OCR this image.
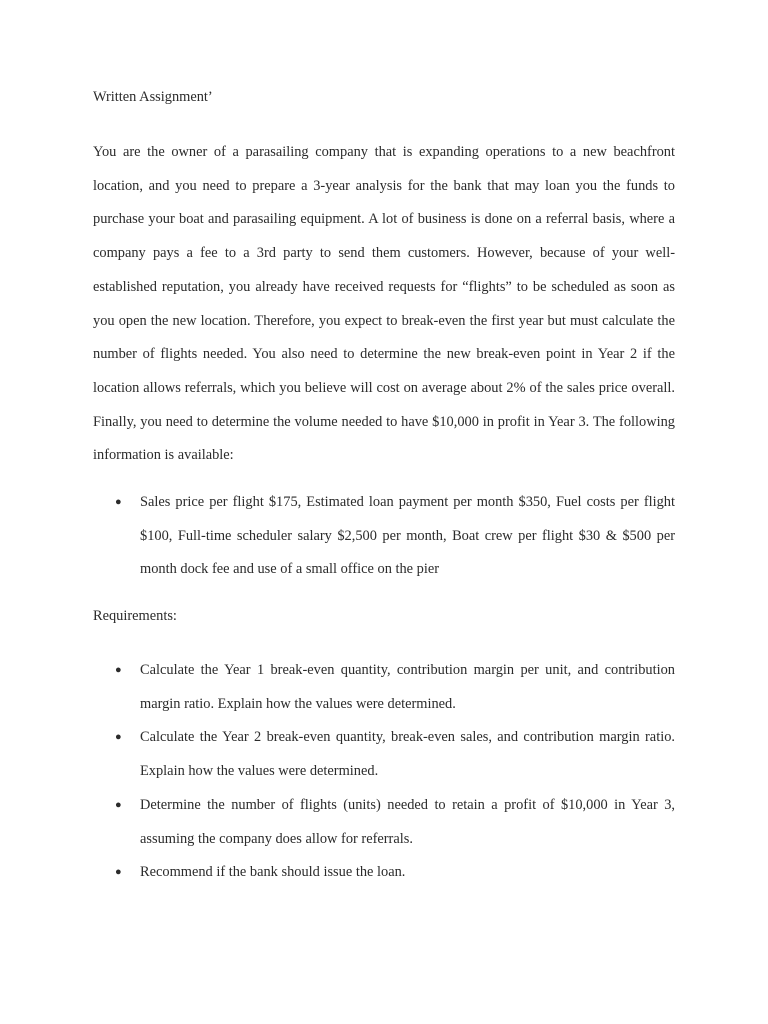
Written Assignment’

You are the owner of a parasailing company that is expanding operations to a new beachfront location, and you need to prepare a 3-year analysis for the bank that may loan you the funds to purchase your boat and parasailing equipment. A lot of business is done on a referral basis, where a company pays a fee to a 3rd party to send them customers. However, because of your well-established reputation, you already have received requests for “flights” to be scheduled as soon as you open the new location. Therefore, you expect to break-even the first year but must calculate the number of flights needed. You also need to determine the new break-even point in Year 2 if the location allows referrals, which you believe will cost on average about 2% of the sales price overall. Finally, you need to determine the volume needed to have $10,000 in profit in Year 3. The following information is available:

● Sales price per flight $175, Estimated loan payment per month $350, Fuel costs per flight $100, Full-time scheduler salary $2,500 per month, Boat crew per flight $30 & $500 per month dock fee and use of a small office on the pier

Requirements:

● Calculate the Year 1 break-even quantity, contribution margin per unit, and contribution margin ratio. Explain how the values were determined.
● Calculate the Year 2 break-even quantity, break-even sales, and contribution margin ratio. Explain how the values were determined.
● Determine the number of flights (units) needed to retain a profit of $10,000 in Year 3, assuming the company does allow for referrals.
● Recommend if the bank should issue the loan.
